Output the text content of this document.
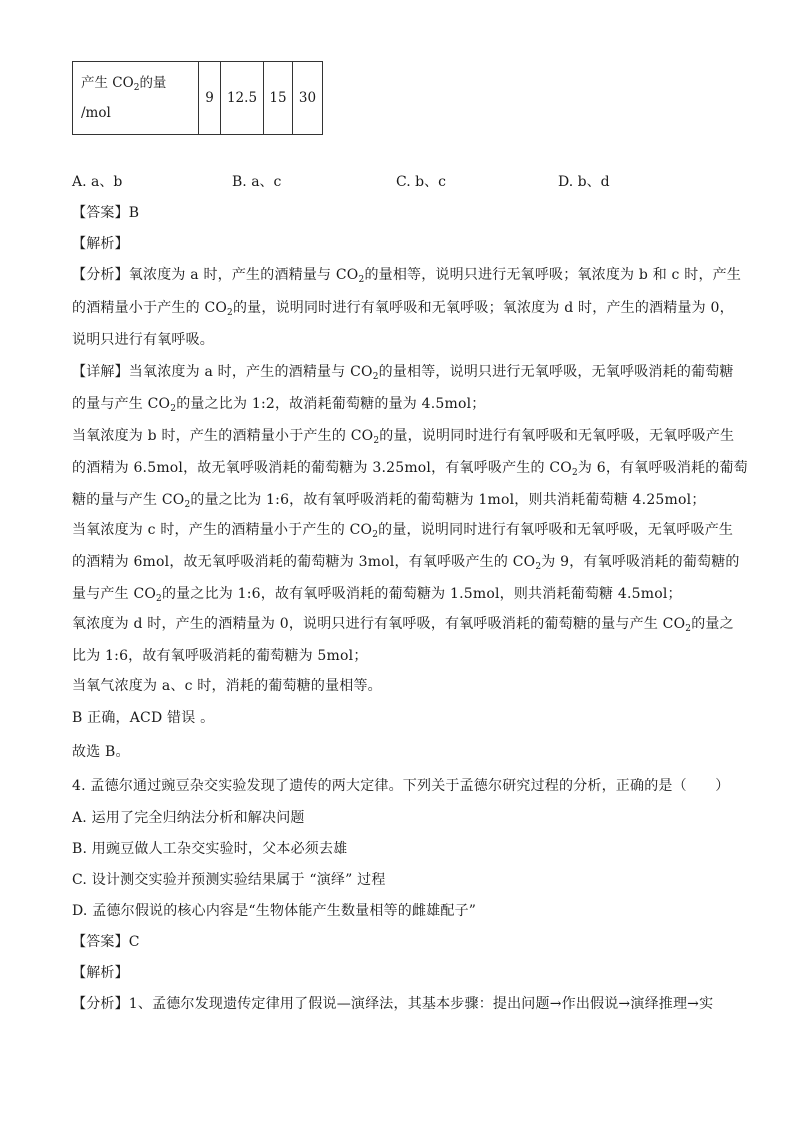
产生 $CO_2$的量
/mol	9	12.5	15	30
A. a、b	B. a、c	C. b、c	D. b、d
【答案】B
【解析】
【分析】氧浓度为 a 时，产生的酒精量与 $CO_2$的量相等，说明只进行无氧呼吸；氧浓度为 b 和 c 时，产生
的酒精量小于产生的 $CO_2$的量，说明同时进行有氧呼吸和无氧呼吸；氧浓度为 d 时，产生的酒精量为 0，
说明只进行有氧呼吸。
【详解】当氧浓度为 a 时，产生的酒精量与 $CO_2$的量相等，说明只进行无氧呼吸，无氧呼吸消耗的葡萄糖
的量与产生 $CO_2$的量之比为 1:2，故消耗葡萄糖的量为 4.5mol；
当氧浓度为 b 时，产生的酒精量小于产生的 $CO_2$的量，说明同时进行有氧呼吸和无氧呼吸，无氧呼吸产生
的酒精为 6.5mol，故无氧呼吸消耗的葡萄糖为 3.25mol，有氧呼吸产生的 $CO_2$为 6，有氧呼吸消耗的葡萄
糖的量与产生 $CO_2$的量之比为 1:6，故有氧呼吸消耗的葡萄糖为 1mol，则共消耗葡萄糖 4.25mol；
当氧浓度为 c 时，产生的酒精量小于产生的 $CO_2$的量，说明同时进行有氧呼吸和无氧呼吸，无氧呼吸产生
的酒精为 6mol，故无氧呼吸消耗的葡萄糖为 3mol，有氧呼吸产生的 $CO_2$为 9，有氧呼吸消耗的葡萄糖的
量与产生 $CO_2$的量之比为 1:6，故有氧呼吸消耗的葡萄糖为 1.5mol，则共消耗葡萄糖 4.5mol；
氧浓度为 d 时，产生的酒精量为 0，说明只进行有氧呼吸，有氧呼吸消耗的葡萄糖的量与产生 $CO_2$的量之
比为 1:6，故有氧呼吸消耗的葡萄糖为 5mol；
当氧气浓度为 a、c 时，消耗的葡萄糖的量相等。
B 正确，ACD 错误 。
故选 B。
4. 孟德尔通过豌豆杂交实验发现了遗传的两大定律。下列关于孟德尔研究过程的分析，正确的是（　　）
A. 运用了完全归纳法分析和解决问题
B. 用豌豆做人工杂交实验时，父本必须去雄
C. 设计测交实验并预测实验结果属于 “演绎” 过程
D. 孟德尔假说的核心内容是“生物体能产生数量相等的雌雄配子”
【答案】C
【解析】
【分析】1、孟德尔发现遗传定律用了假说—演绎法，其基本步骤：提出问题→作出假说→演绎推理→实
